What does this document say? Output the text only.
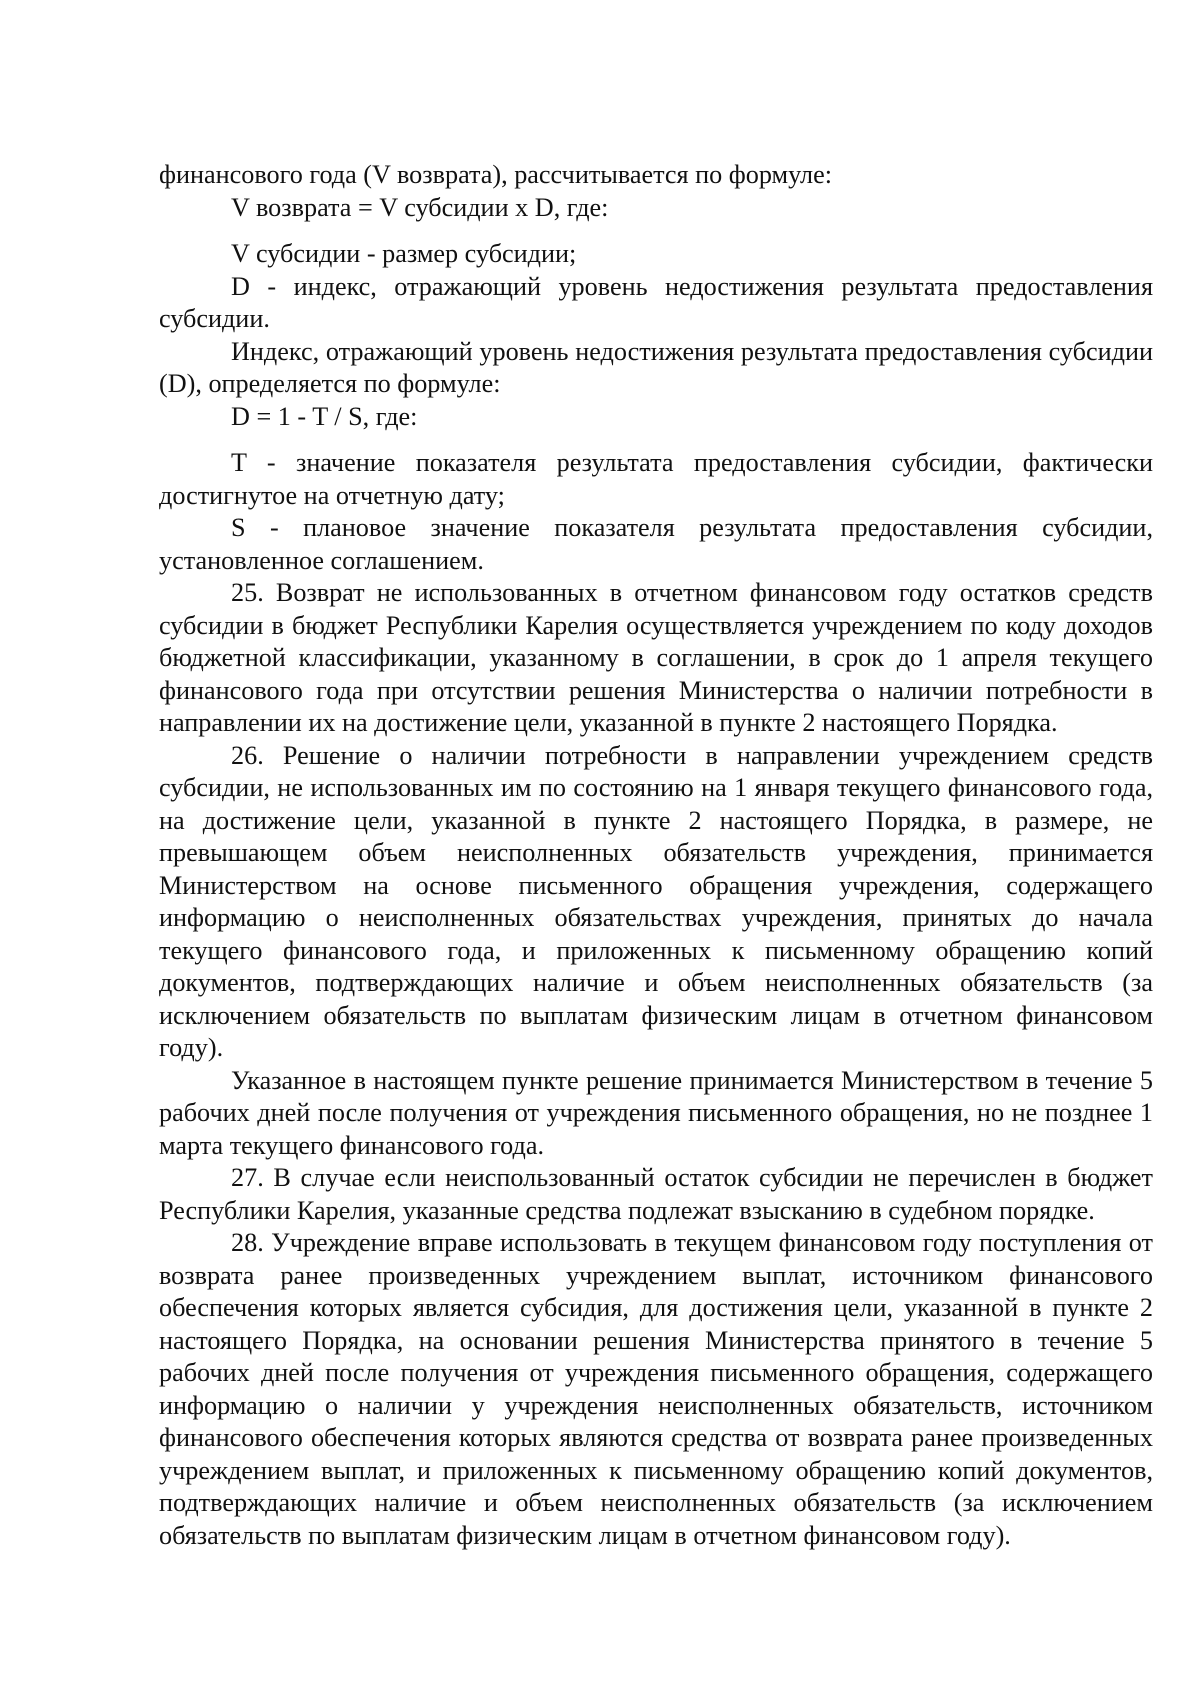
финансового года (V возврата), рассчитывается по формуле:

V возврата = V субсидии x D, где:

V субсидии - размер субсидии;

D - индекс, отражающий уровень недостижения результата предоставления субсидии.

Индекс, отражающий уровень недостижения результата предоставления субсидии (D), определяется по формуле:

D = 1 - T / S, где:

T - значение показателя результата предоставления субсидии, фактически достигнутое на отчетную дату;

S - плановое значение показателя результата предоставления субсидии, установленное соглашением.

25. Возврат не использованных в отчетном финансовом году остатков средств субсидии в бюджет Республики Карелия осуществляется учреждением по коду доходов бюджетной классификации, указанному в соглашении, в срок до 1 апреля текущего финансового года при отсутствии решения Министерства о наличии потребности в направлении их на достижение цели, указанной в пункте 2 настоящего Порядка.

26. Решение о наличии потребности в направлении учреждением средств субсидии, не использованных им по состоянию на 1 января текущего финансового года, на достижение цели, указанной в пункте 2 настоящего Порядка, в размере, не превышающем объем неисполненных обязательств учреждения, принимается Министерством на основе письменного обращения учреждения, содержащего информацию о неисполненных обязательствах учреждения, принятых до начала текущего финансового года, и приложенных к письменному обращению копий документов, подтверждающих наличие и объем неисполненных обязательств (за исключением обязательств по выплатам физическим лицам в отчетном финансовом году).

Указанное в настоящем пункте решение принимается Министерством в течение 5 рабочих дней после получения от учреждения письменного обращения, но не позднее 1 марта текущего финансового года.

27. В случае если неиспользованный остаток субсидии не перечислен в бюджет Республики Карелия, указанные средства подлежат взысканию в судебном порядке.

28. Учреждение вправе использовать в текущем финансовом году поступления от возврата ранее произведенных учреждением выплат, источником финансового обеспечения которых является субсидия, для достижения цели, указанной в пункте 2 настоящего Порядка, на основании решения Министерства принятого в течение 5 рабочих дней после получения от учреждения письменного обращения, содержащего информацию о наличии у учреждения неисполненных обязательств, источником финансового обеспечения которых являются средства от возврата ранее произведенных учреждением выплат, и приложенных к письменному обращению копий документов, подтверждающих наличие и объем неисполненных обязательств (за исключением обязательств по выплатам физическим лицам в отчетном финансовом году).
